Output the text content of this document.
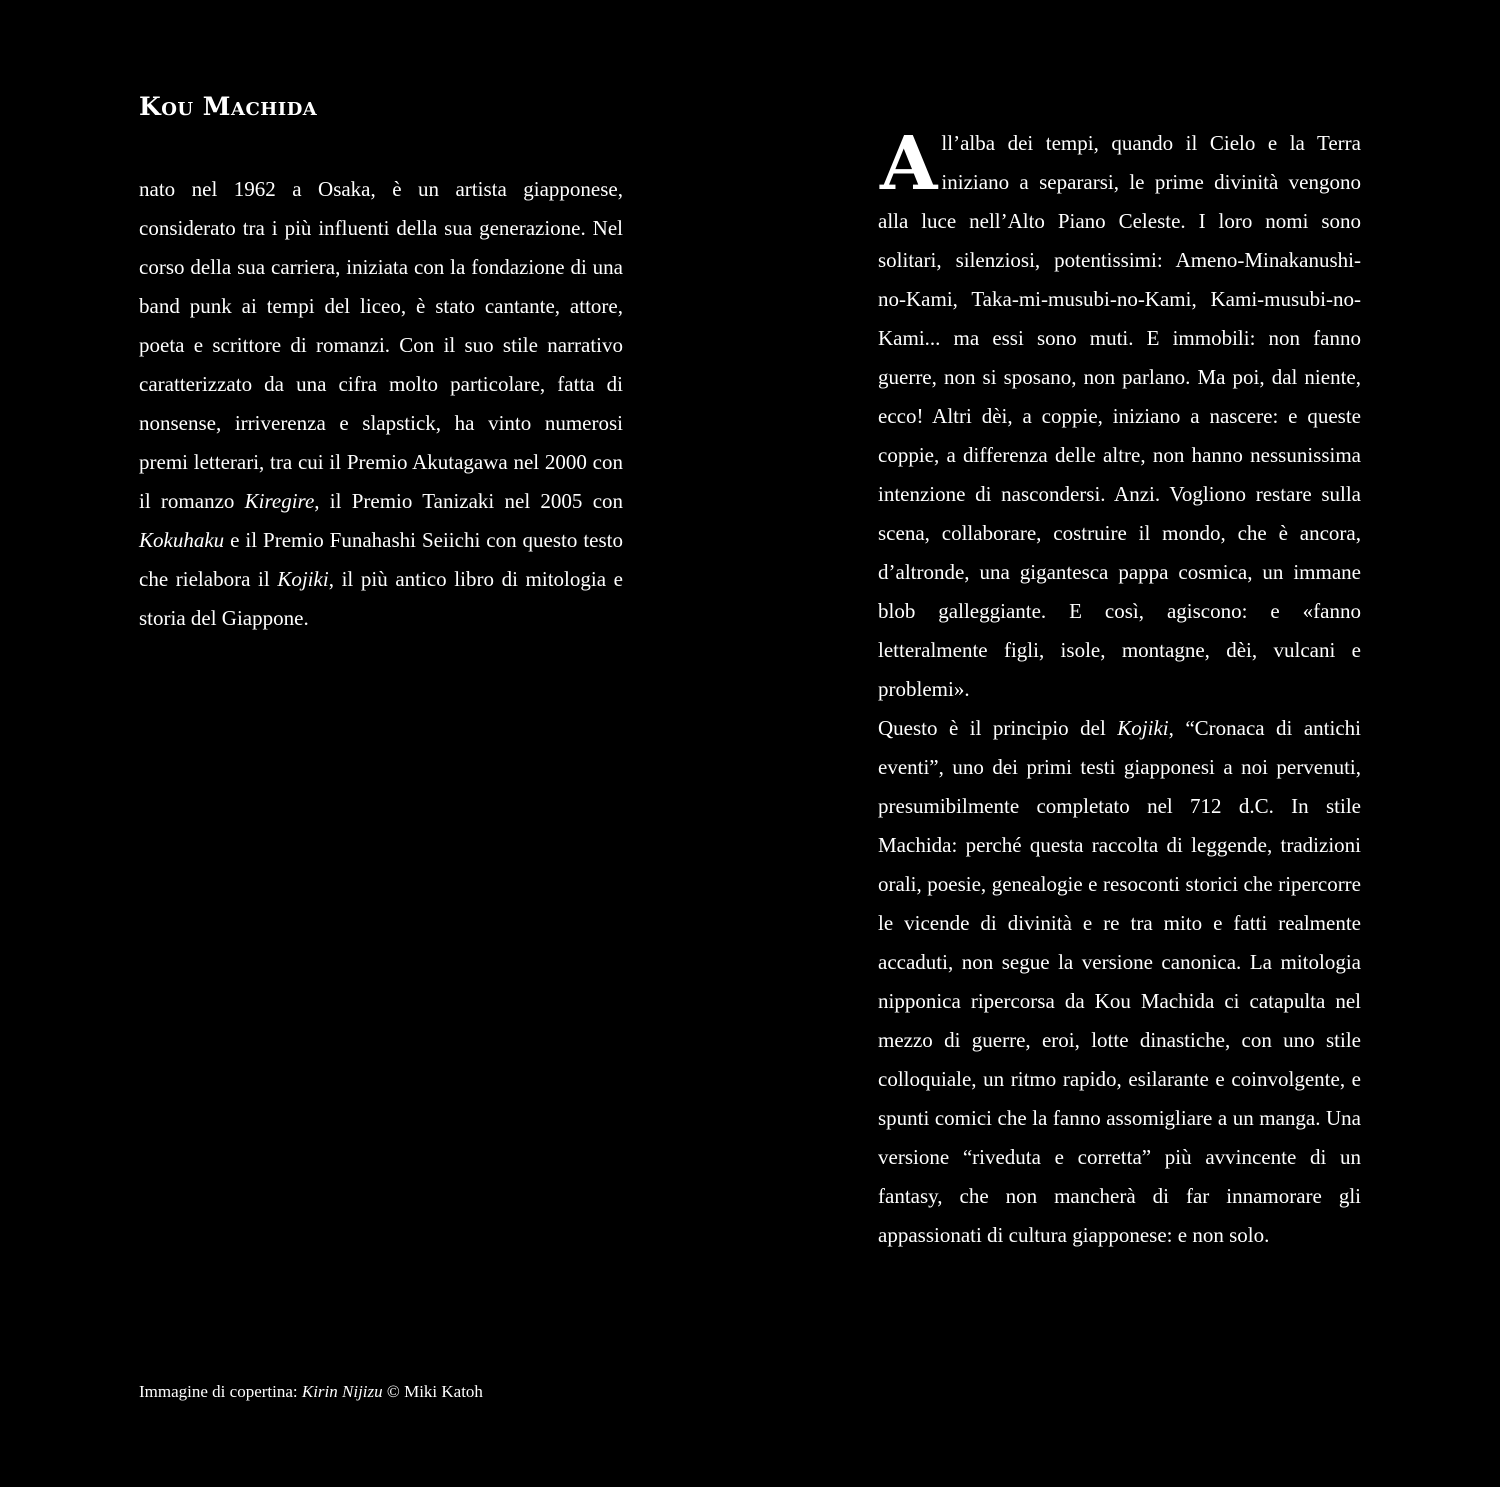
Kou Machida

nato nel 1962 a Osaka, è un artista giapponese, considerato tra i più influenti della sua generazione. Nel corso della sua carriera, iniziata con la fondazione di una band punk ai tempi del liceo, è stato cantante, attore, poeta e scrittore di romanzi. Con il suo stile narrativo caratterizzato da una cifra molto particolare, fatta di nonsense, irriverenza e slapstick, ha vinto numerosi premi letterari, tra cui il Premio Akutagawa nel 2000 con il romanzo Kiregire, il Premio Tanizaki nel 2005 con Kokuhaku e il Premio Funahashi Seiichi con questo testo che rielabora il Kojiki, il più antico libro di mitologia e storia del Giappone.

Immagine di copertina: Kirin Nijizu © Miki Katoh

All’alba dei tempi, quando il Cielo e la Terra iniziano a separarsi, le prime divinità vengono alla luce nell’Alto Piano Celeste. I loro nomi sono solitari, silenziosi, potentissimi: Ameno-Minakanushi-no-Kami, Taka-mi-musubi-no-Kami, Kami-musubi-no-Kami... ma essi sono muti. E immobili: non fanno guerre, non si sposano, non parlano. Ma poi, dal niente, ecco! Altri dèi, a coppie, iniziano a nascere: e queste coppie, a differenza delle altre, non hanno nessunissima intenzione di nascondersi. Anzi. Vogliono restare sulla scena, collaborare, costruire il mondo, che è ancora, d’altronde, una gigantesca pappa cosmica, un immane blob galleggiante. E così, agiscono: e «fanno letteralmente figli, isole, montagne, dèi, vulcani e problemi».

Questo è il principio del Kojiki, “Cronaca di antichi eventi”, uno dei primi testi giapponesi a noi pervenuti, presumibilmente completato nel 712 d.C. In stile Machida: perché questa raccolta di leggende, tradizioni orali, poesie, genealogie e resoconti storici che ripercorre le vicende di divinità e re tra mito e fatti realmente accaduti, non segue la versione canonica. La mitologia nipponica ripercorsa da Kou Machida ci catapulta nel mezzo di guerre, eroi, lotte dinastiche, con uno stile colloquiale, un ritmo rapido, esilarante e coinvolgente, e spunti comici che la fanno assomigliare a un manga. Una versione “riveduta e corretta” più avvincente di un fantasy, che non mancherà di far innamorare gli appassionati di cultura giapponese: e non solo.
